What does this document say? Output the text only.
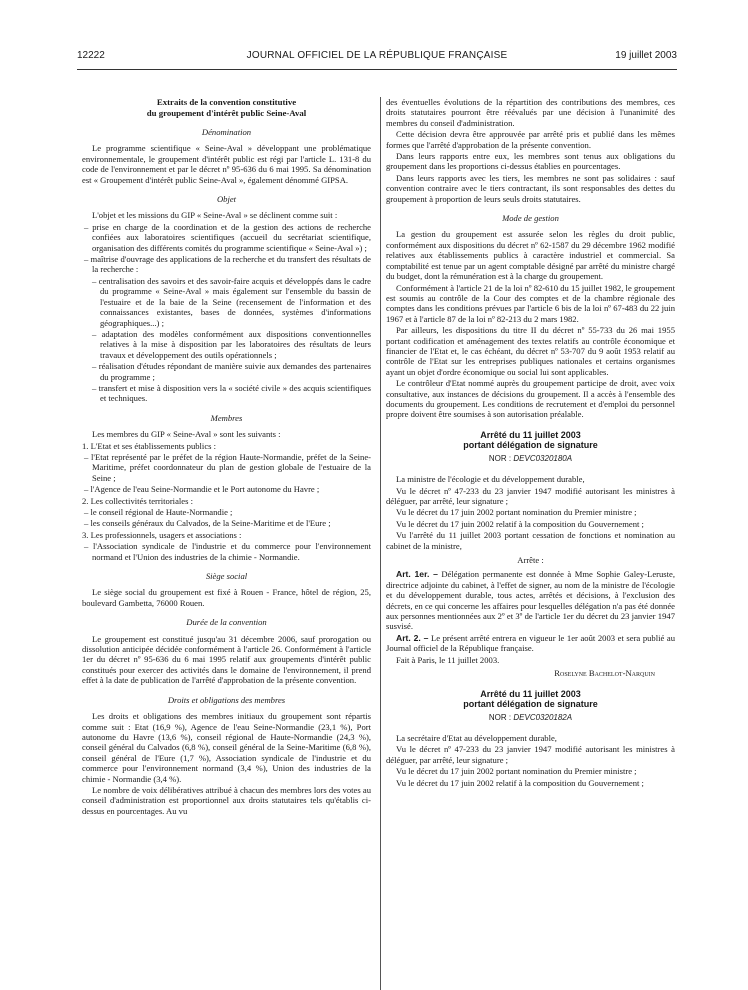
12222	JOURNAL OFFICIEL DE LA RÉPUBLIQUE FRANÇAISE	19 juillet 2003
Extraits de la convention constitutive
du groupement d'intérêt public Seine-Aval
Dénomination

Le programme scientifique « Seine-Aval » développant une problématique environnementale, le groupement d'intérêt public est régi par l'article L. 131-8 du code de l'environnement et par le décret nº 95-636 du 6 mai 1995. Sa dénomination est « Groupement d'intérêt public Seine-Aval », également dénommé GIPSA.

Objet

L'objet et les missions du GIP « Seine-Aval » se déclinent comme suit :

– prise en charge de la coordination et de la gestion des actions de recherche confiées aux laboratoires scientifiques (accueil du secrétariat scientifique, organisation des différents comités du programme scientifique « Seine-Aval ») ;

– maîtrise d'ouvrage des applications de la recherche et du transfert des résultats de la recherche :

– centralisation des savoirs et des savoir-faire acquis et développés dans le cadre du programme « Seine-Aval » mais également sur l'ensemble du bassin de l'estuaire et de la baie de la Seine (recensement de l'information et des connaissances existantes, bases de données, systèmes d'informations géographiques...) ;

– adaptation des modèles conformément aux dispositions conventionnelles relatives à la mise à disposition par les laboratoires des résultats de leurs travaux et développement des outils opérationnels ;

– réalisation d'études répondant de manière suivie aux demandes des partenaires du programme ;

– transfert et mise à disposition vers la « société civile » des acquis scientifiques et techniques.

Membres

Les membres du GIP « Seine-Aval » sont les suivants :

1. L'Etat et ses établissements publics :

– l'Etat représenté par le préfet de la région Haute-Normandie, préfet de la Seine-Maritime, préfet coordonnateur du plan de gestion globale de l'estuaire de la Seine ;

– l'Agence de l'eau Seine-Normandie et le Port autonome du Havre ;

2. Les collectivités territoriales :

– le conseil régional de Haute-Normandie ;

– les conseils généraux du Calvados, de la Seine-Maritime et de l'Eure ;

3. Les professionnels, usagers et associations :

– l'Association syndicale de l'industrie et du commerce pour l'environnement normand et l'Union des industries de la chimie - Normandie.

Siège social

Le siège social du groupement est fixé à Rouen - France, hôtel de région, 25, boulevard Gambetta, 76000 Rouen.

Durée de la convention

Le groupement est constitué jusqu'au 31 décembre 2006, sauf prorogation ou dissolution anticipée décidée conformément à l'article 26. Conformément à l'article 1er du décret nº 95-636 du 6 mai 1995 relatif aux groupements d'intérêt public constitués pour exercer des activités dans le domaine de l'environnement, il prend effet à la date de publication de l'arrêté d'approbation de la présente convention.

Droits et obligations des membres

Les droits et obligations des membres initiaux du groupement sont répartis comme suit : Etat (16,9 %), Agence de l'eau Seine-Normandie (23,1 %), Port autonome du Havre (13,6 %), conseil régional de Haute-Normandie (24,3 %), conseil général du Calvados (6,8 %), conseil général de la Seine-Maritime (6,8 %), conseil général de l'Eure (1,7 %), Association syndicale de l'industrie et du commerce pour l'environnement normand (3,4 %), Union des industries de la chimie - Normandie (3,4 %).

Le nombre de voix délibératives attribué à chacun des membres lors des votes au conseil d'administration est proportionnel aux droits statutaires tels qu'établis ci-dessus en pourcentages. Au vu

des éventuelles évolutions de la répartition des contributions des membres, ces droits statutaires pourront être réévalués par une décision à l'unanimité des membres du conseil d'administration.

Cette décision devra être approuvée par arrêté pris et publié dans les mêmes formes que l'arrêté d'approbation de la présente convention.

Dans leurs rapports entre eux, les membres sont tenus aux obligations du groupement dans les proportions ci-dessus établies en pourcentages.

Dans leurs rapports avec les tiers, les membres ne sont pas solidaires : sauf convention contraire avec le tiers contractant, ils sont responsables des dettes du groupement à proportion de leurs seuls droits statutaires.

Mode de gestion

La gestion du groupement est assurée selon les règles du droit public, conformément aux dispositions du décret nº 62-1587 du 29 décembre 1962 modifié relatives aux établissements publics à caractère industriel et commercial. Sa comptabilité est tenue par un agent comptable désigné par arrêté du ministre chargé du budget, dont la rémunération est à la charge du groupement.

Conformément à l'article 21 de la loi nº 82-610 du 15 juillet 1982, le groupement est soumis au contrôle de la Cour des comptes et de la chambre régionale des comptes dans les conditions prévues par l'article 6 bis de la loi nº 67-483 du 22 juin 1967 et à l'article 87 de la loi nº 82-213 du 2 mars 1982.

Par ailleurs, les dispositions du titre II du décret nº 55-733 du 26 mai 1955 portant codification et aménagement des textes relatifs au contrôle économique et financier de l'Etat et, le cas échéant, du décret nº 53-707 du 9 août 1953 relatif au contrôle de l'Etat sur les entreprises publiques nationales et certains organismes ayant un objet d'ordre économique ou social lui sont applicables.

Le contrôleur d'Etat nommé auprès du groupement participe de droit, avec voix consultative, aux instances de décisions du groupement. Il a accès à l'ensemble des documents du groupement. Les conditions de recrutement et d'emploi du personnel propre doivent être soumises à son autorisation préalable.

Arrêté du 11 juillet 2003
portant délégation de signature
NOR : DEVC0320180A

La ministre de l'écologie et du développement durable,

Vu le décret nº 47-233 du 23 janvier 1947 modifié autorisant les ministres à déléguer, par arrêté, leur signature ;

Vu le décret du 17 juin 2002 portant nomination du Premier ministre ;

Vu le décret du 17 juin 2002 relatif à la composition du Gouvernement ;

Vu l'arrêté du 11 juillet 2003 portant cessation de fonctions et nomination au cabinet de la ministre,

Arrête :

Art. 1er. – Délégation permanente est donnée à Mme Sophie Galey-Leruste, directrice adjointe du cabinet, à l'effet de signer, au nom de la ministre de l'écologie et du développement durable, tous actes, arrêtés et décisions, à l'exclusion des décrets, en ce qui concerne les affaires pour lesquelles délégation n'a pas été donnée aux personnes mentionnées aux 2º et 3º de l'article 1er du décret du 23 janvier 1947 susvisé.

Art. 2. – Le présent arrêté entrera en vigueur le 1er août 2003 et sera publié au Journal officiel de la République française.

Fait à Paris, le 11 juillet 2003.

Roselyne Bachelot-Narquin
Arrêté du 11 juillet 2003
portant délégation de signature
NOR : DEVC0320182A

La secrétaire d'Etat au développement durable,

Vu le décret nº 47-233 du 23 janvier 1947 modifié autorisant les ministres à déléguer, par arrêté, leur signature ;

Vu le décret du 17 juin 2002 portant nomination du Premier ministre ;

Vu le décret du 17 juin 2002 relatif à la composition du Gouvernement ;
